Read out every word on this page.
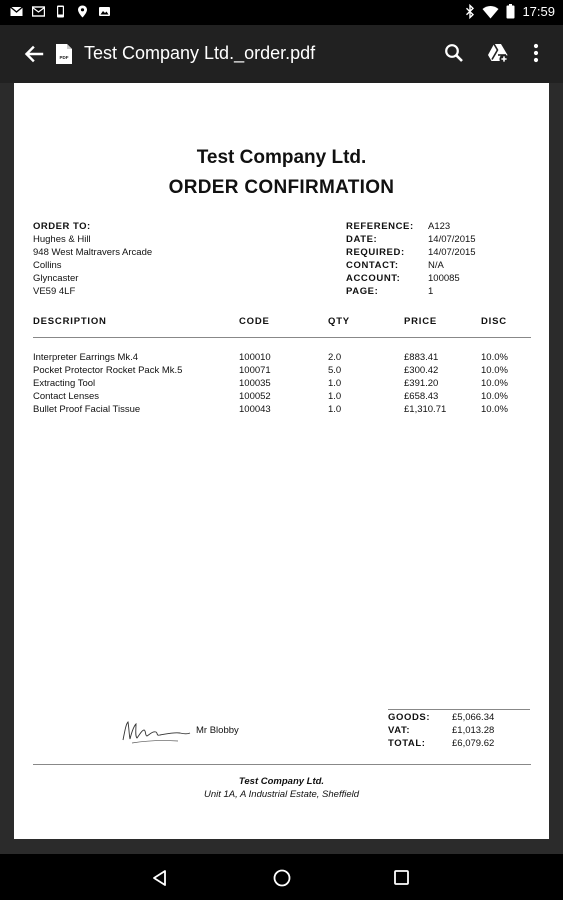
17:59
PDF Test Company Ltd._order.pdf
Test Company Ltd.
ORDER CONFIRMATION
ORDER TO:
Hughes & Hill
948 West Maltravers Arcade
Collins
Glyncaster
VE59 4LF
REFERENCE:	A123
DATE:	14/07/2015
REQUIRED:	14/07/2015
CONTACT:	N/A
ACCOUNT:	100085
PAGE:	1
DESCRIPTION	CODE	QTY	PRICE	DISC
Interpreter Earrings Mk.4	100010	2.0	£883.41	10.0%
Pocket Protector Rocket Pack Mk.5	100071	5.0	£300.42	10.0%
Extracting Tool	100035	1.0	£391.20	10.0%
Contact Lenses	100052	1.0	£658.43	10.0%
Bullet Proof Facial Tissue	100043	1.0	£1,310.71	10.0%
Mr Blobby
GOODS:	£5,066.34
VAT:	£1,013.28
TOTAL:	£6,079.62
Test Company Ltd.
Unit 1A, A Industrial Estate, Sheffield
